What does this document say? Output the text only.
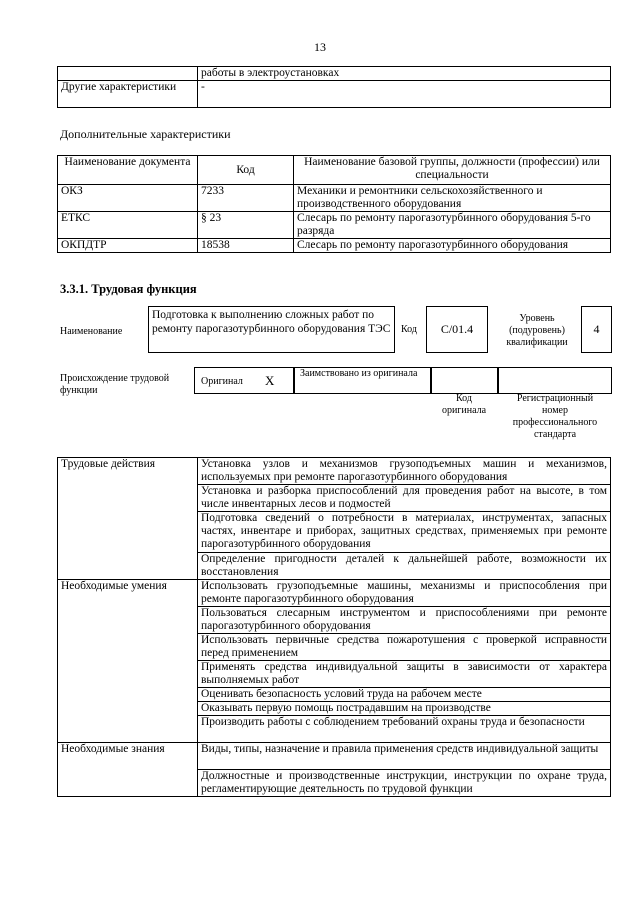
13
	работы в электроустановках
Другие характеристики	-
Дополнительные характеристики
Наименование документа	Код	Наименование базовой группы, должности (профессии) или специальности
ОКЗ	7233	Механики и ремонтники сельскохозяйственного и производственного оборудования
ЕТКС	§ 23	Слесарь по ремонту парогазотурбинного оборудования 5-го разряда
ОКПДТР	18538	Слесарь по ремонту парогазотурбинного оборудования
3.3.1. Трудовая функция
Наименование
Подготовка к выполнению сложных работ по ремонту парогазотурбинного оборудования ТЭС	Код C/01.4
Уровень (подуровень) квалификации
4
Происхождение трудовой функции
Оригинал X	Заимствовано из оригинала
Код оригинала
Регистрационный номер профессионального стандарта
Трудовые действия	Установка узлов и механизмов грузоподъемных машин и механизмов, используемых при ремонте парогазотурбинного оборудования
	Установка и разборка приспособлений для проведения работ на высоте, в том числе инвентарных лесов и подмостей
	Подготовка сведений о потребности в материалах, инструментах, запасных частях, инвентаре и приборах, защитных средствах, применяемых при ремонте парогазотурбинного оборудования
	Определение пригодности деталей к дальнейшей работе, возможности их восстановления
Необходимые умения	Использовать грузоподъемные машины, механизмы и приспособления при ремонте парогазотурбинного оборудования
	Пользоваться слесарным инструментом и приспособлениями при ремонте парогазотурбинного оборудования
	Использовать первичные средства пожаротушения с проверкой исправности перед применением
	Применять средства индивидуальной защиты в зависимости от характера выполняемых работ
	Оценивать безопасность условий труда на рабочем месте
	Оказывать первую помощь пострадавшим на производстве
	Производить работы с соблюдением требований охраны труда и безопасности
Необходимые знания	Виды, типы, назначение и правила применения средств индивидуальной защиты
	Должностные и производственные инструкции, инструкции по охране труда, регламентирующие деятельность по трудовой функции
